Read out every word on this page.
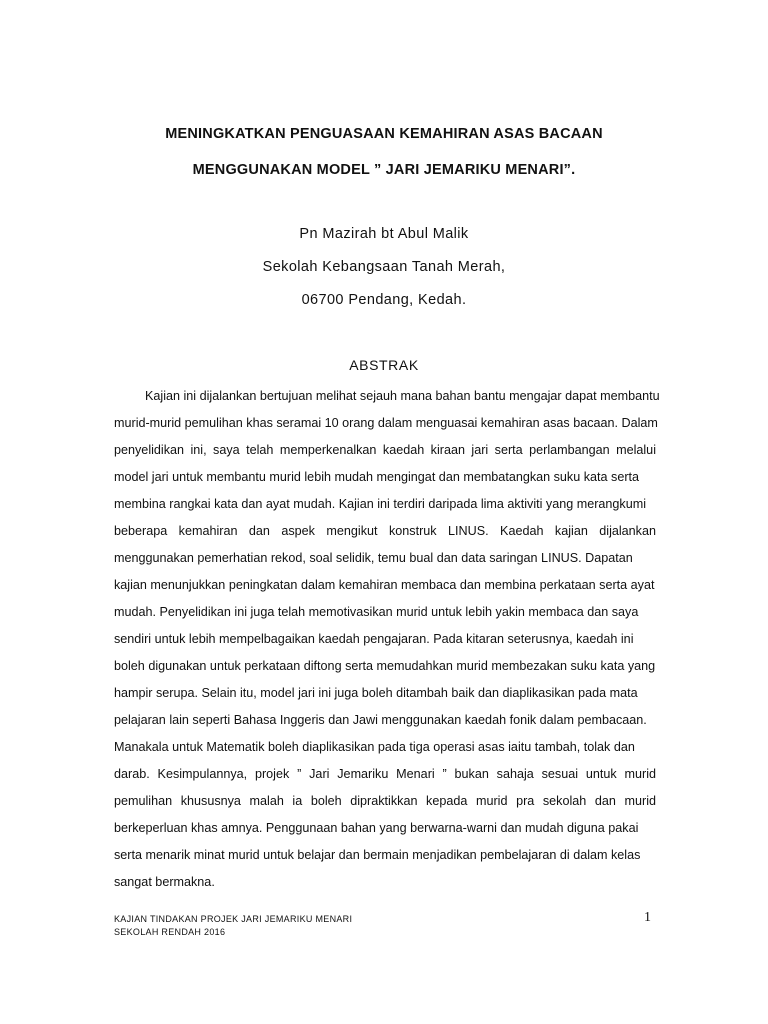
MENINGKATKAN PENGUASAAN KEMAHIRAN ASAS BACAAN
MENGGUNAKAN MODEL ” JARI JEMARIKU MENARI”.
Pn Mazirah bt Abul Malik
Sekolah Kebangsaan Tanah Merah,
06700 Pendang, Kedah.
ABSTRAK
Kajian ini dijalankan bertujuan melihat sejauh mana bahan bantu mengajar dapat membantu
murid-murid pemulihan khas seramai 10 orang dalam menguasai kemahiran asas bacaan. Dalam
penyelidikan ini, saya telah memperkenalkan kaedah kiraan jari serta perlambangan melalui
model jari untuk membantu murid lebih mudah mengingat dan membatangkan suku kata serta
membina rangkai kata dan ayat mudah. Kajian ini terdiri daripada lima aktiviti yang merangkumi
beberapa kemahiran dan aspek mengikut konstruk LINUS. Kaedah kajian dijalankan
menggunakan pemerhatian rekod, soal selidik, temu bual dan data saringan LINUS. Dapatan
kajian menunjukkan peningkatan dalam kemahiran membaca dan membina perkataan serta ayat
mudah. Penyelidikan ini juga telah memotivasikan murid untuk lebih yakin membaca dan saya
sendiri untuk lebih mempelbagaikan kaedah pengajaran. Pada kitaran seterusnya, kaedah ini
boleh digunakan untuk perkataan diftong serta memudahkan murid membezakan suku kata yang
hampir serupa. Selain itu, model jari ini juga boleh ditambah baik dan diaplikasikan pada mata
pelajaran lain seperti Bahasa Inggeris dan Jawi menggunakan kaedah fonik dalam pembacaan.
Manakala untuk Matematik boleh diaplikasikan pada tiga operasi asas iaitu tambah, tolak dan
darab. Kesimpulannya, projek ” Jari Jemariku Menari ” bukan sahaja sesuai untuk murid
pemulihan khususnya malah ia boleh dipraktikkan kepada murid pra sekolah dan murid
berkeperluan khas amnya. Penggunaan bahan yang berwarna-warni dan mudah diguna pakai
serta menarik minat murid untuk belajar dan bermain menjadikan pembelajaran di dalam kelas
sangat bermakna.
KAJIAN TINDAKAN PROJEK JARI JEMARIKU MENARI
SEKOLAH RENDAH 2016
1
